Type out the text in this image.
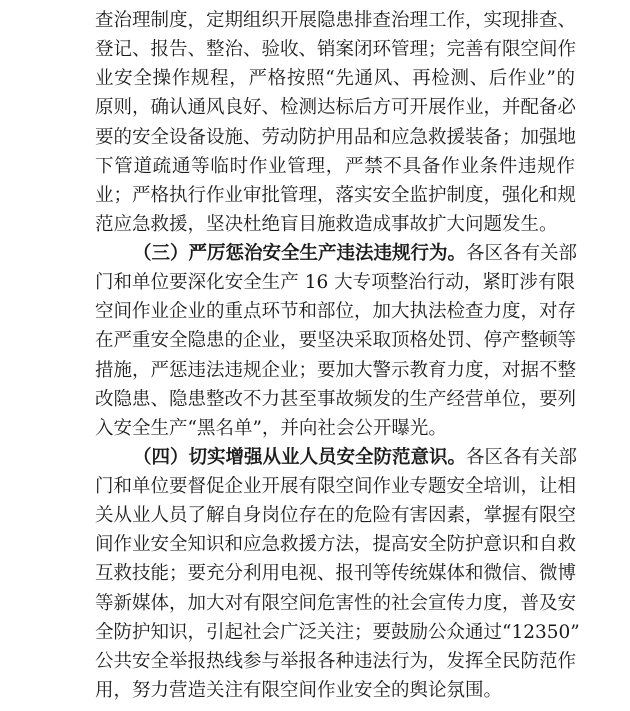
查治理制度，定期组织开展隐患排查治理工作，实现排查、
登记、报告、整治、验收、销案闭环管理；完善有限空间作
业安全操作规程，严格按照“先通风、再检测、后作业”的
原则，确认通风良好、检测达标后方可开展作业，并配备必
要的安全设备设施、劳动防护用品和应急救援装备；加强地
下管道疏通等临时作业管理，严禁不具备作业条件违规作
业；严格执行作业审批管理，落实安全监护制度，强化和规
范应急救援，坚决杜绝盲目施救造成事故扩大问题发生。
（三）严厉惩治安全生产违法违规行为。各区各有关部
门和单位要深化安全生产 16 大专项整治行动，紧盯涉有限
空间作业企业的重点环节和部位，加大执法检查力度，对存
在严重安全隐患的企业，要坚决采取顶格处罚、停产整顿等
措施，严惩违法违规企业；要加大警示教育力度，对据不整
改隐患、隐患整改不力甚至事故频发的生产经营单位，要列
入安全生产“黑名单”，并向社会公开曝光。
（四）切实增强从业人员安全防范意识。各区各有关部
门和单位要督促企业开展有限空间作业专题安全培训，让相
关从业人员了解自身岗位存在的危险有害因素，掌握有限空
间作业安全知识和应急救援方法，提高安全防护意识和自救
互救技能；要充分利用电视、报刊等传统媒体和微信、微博
等新媒体，加大对有限空间危害性的社会宣传力度，普及安
全防护知识，引起社会广泛关注；要鼓励公众通过“12350”
公共安全举报热线参与举报各种违法行为，发挥全民防范作
用，努力营造关注有限空间作业安全的舆论氛围。
